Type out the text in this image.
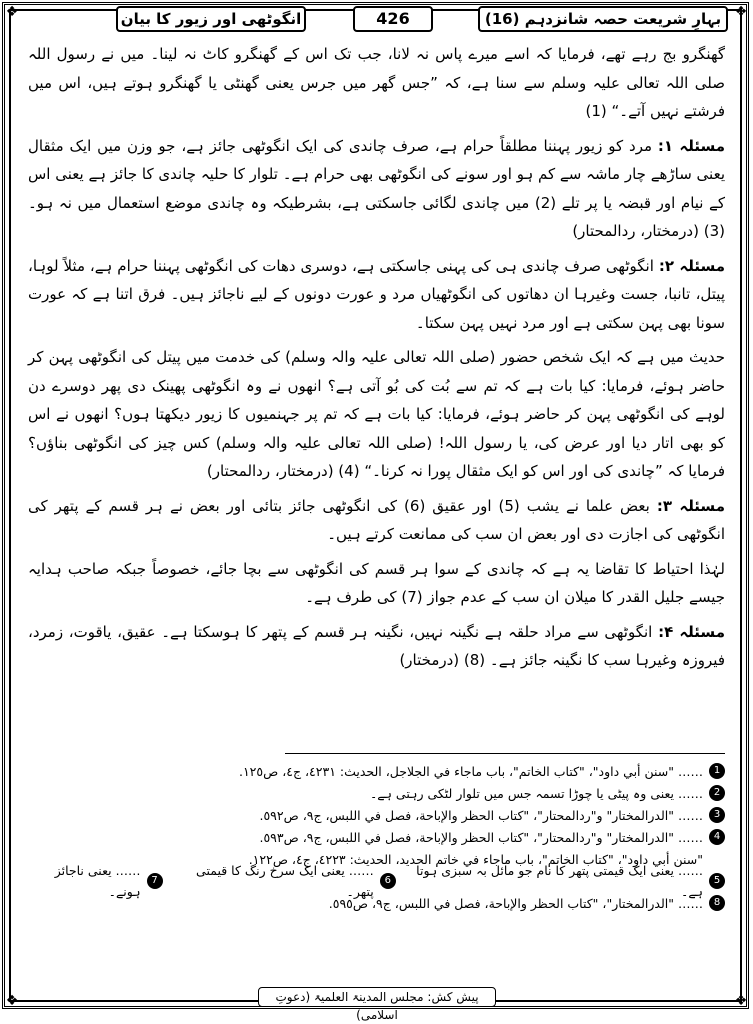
❖	❖
❖	❖
انگوٹھی اور زیور کا بیان	426	بہارِ شریعت حصہ شانزدہم (16)

گھنگرو بج رہے تھے، فرمایا کہ اسے میرے پاس نہ لانا، جب تک اس کے گھنگرو کاٹ نہ لینا۔ میں نے رسول اللہ صلی اللہ تعالی علیہ وسلم سے سنا ہے، کہ ”جس گھر میں جرس یعنی گھنٹی یا گھنگرو ہوتے ہیں، اس میں فرشتے نہیں آتے۔“ (1)

مسئلہ ۱: مرد کو زیور پہننا مطلقاً حرام ہے، صرف چاندی کی ایک انگوٹھی جائز ہے، جو وزن میں ایک مثقال یعنی ساڑھے چار ماشہ سے کم ہو اور سونے کی انگوٹھی بھی حرام ہے۔ تلوار کا حلیہ چاندی کا جائز ہے یعنی اس کے نیام اور قبضہ یا پر تلے (2) میں چاندی لگائی جاسکتی ہے، بشرطیکہ وہ چاندی موضع استعمال میں نہ ہو۔ (3) (درمختار، ردالمحتار)

مسئلہ ۲: انگوٹھی صرف چاندی ہی کی پہنی جاسکتی ہے، دوسری دھات کی انگوٹھی پہننا حرام ہے، مثلاً لوہا، پیتل، تانبا، جست وغیرہا ان دھاتوں کی انگوٹھیاں مرد و عورت دونوں کے لیے ناجائز ہیں۔ فرق اتنا ہے کہ عورت سونا بھی پہن سکتی ہے اور مرد نہیں پہن سکتا۔

حدیث میں ہے کہ ایک شخص حضور (صلی اللہ تعالی علیہ والہ وسلم) کی خدمت میں پیتل کی انگوٹھی پہن کر حاضر ہوئے، فرمایا: کیا بات ہے کہ تم سے بُت کی بُو آتی ہے؟ انھوں نے وہ انگوٹھی پھینک دی پھر دوسرے دن لوہے کی انگوٹھی پہن کر حاضر ہوئے، فرمایا: کیا بات ہے کہ تم پر جہنمیوں کا زیور دیکھتا ہوں؟ انھوں نے اس کو بھی اتار دیا اور عرض کی، یا رسول اللہ! (صلی اللہ تعالی علیہ والہ وسلم) کس چیز کی انگوٹھی بناؤں؟ فرمایا کہ ”چاندی کی اور اس کو ایک مثقال پورا نہ کرنا۔“ (4) (درمختار، ردالمحتار)

مسئلہ ۳: بعض علما نے یشب (5) اور عقیق (6) کی انگوٹھی جائز بتائی اور بعض نے ہر قسم کے پتھر کی انگوٹھی کی اجازت دی اور بعض ان سب کی ممانعت کرتے ہیں۔

لہٰذا احتیاط کا تقاضا یہ ہے کہ چاندی کے سوا ہر قسم کی انگوٹھی سے بچا جائے، خصوصاً جبکہ صاحب ہدایہ جیسے جلیل القدر کا میلان ان سب کے عدم جواز (7) کی طرف ہے۔

مسئلہ ۴: انگوٹھی سے مراد حلقہ ہے نگینہ نہیں، نگینہ ہر قسم کے پتھر کا ہوسکتا ہے۔ عقیق، یاقوت، زمرد، فیروزہ وغیرہا سب کا نگینہ جائز ہے۔ (8) (درمختار)

1
…… "سنن أبي داود"، "كتاب الخاتم"، باب ماجاء في الجلاجل، الحديث: ٤٢٣١، ج٤، ص١٢٥.
2
…… یعنی وہ پیٹی یا چوڑا تسمہ جس میں تلوار لٹکی رہتی ہے۔
3
…… "الدرالمختار" و"ردالمحتار"، "كتاب الحظر والإباحة، فصل في اللبس، ج٩، ص٥٩٢.
4
…… "الدرالمختار" و"ردالمحتار"، "كتاب الحظر والإباحة، فصل في اللبس، ج٩، ص٥٩٣.
"سنن أبي داود"، "كتاب الخاتم"، باب ماجاء في خاتم الحديد، الحديث: ٤٢٢٣، ج٤، ص١٢٢.
5
…… یعنی ایک قیمتی پتھر کا نام جو مائل بہ سبزی ہوتا ہے۔
6
…… یعنی ایک سرخ رنگ کا قیمتی پتھر۔
7
…… یعنی ناجائز ہونے۔
8
…… "الدرالمختار"، "كتاب الحظر والإباحة، فصل في اللبس، ج٩، ص٥٩٥.
پیش کش: مجلس المدینۃ العلمیۃ (دعوتِ اسلامی)
